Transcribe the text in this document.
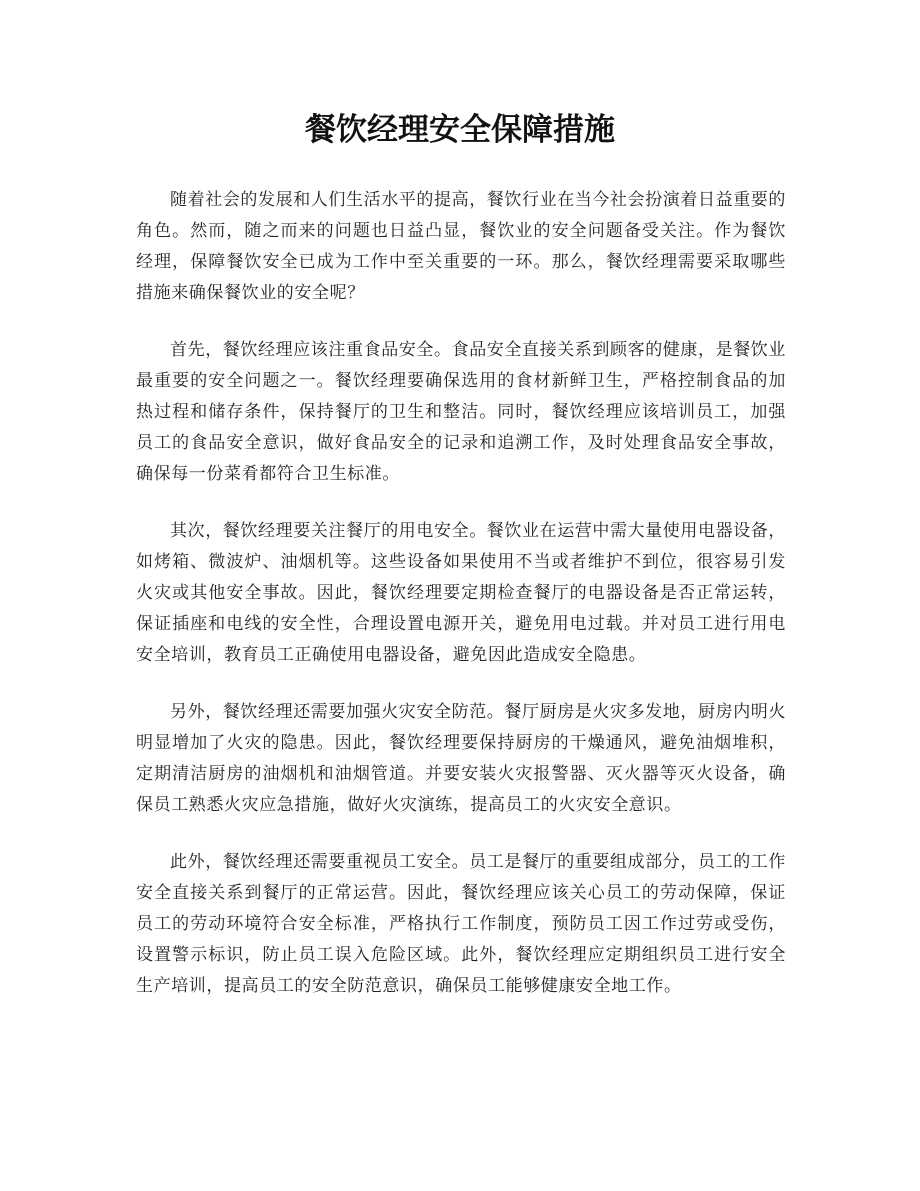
餐饮经理安全保障措施

随着社会的发展和人们生活水平的提高，餐饮行业在当今社会扮演着日益重要的角色。然而，随之而来的问题也日益凸显，餐饮业的安全问题备受关注。作为餐饮经理，保障餐饮安全已成为工作中至关重要的一环。那么，餐饮经理需要采取哪些措施来确保餐饮业的安全呢？

首先，餐饮经理应该注重食品安全。食品安全直接关系到顾客的健康，是餐饮业最重要的安全问题之一。餐饮经理要确保选用的食材新鲜卫生，严格控制食品的加热过程和储存条件，保持餐厅的卫生和整洁。同时，餐饮经理应该培训员工，加强员工的食品安全意识，做好食品安全的记录和追溯工作，及时处理食品安全事故，确保每一份菜肴都符合卫生标准。

其次，餐饮经理要关注餐厅的用电安全。餐饮业在运营中需大量使用电器设备，如烤箱、微波炉、油烟机等。这些设备如果使用不当或者维护不到位，很容易引发火灾或其他安全事故。因此，餐饮经理要定期检查餐厅的电器设备是否正常运转，保证插座和电线的安全性，合理设置电源开关，避免用电过载。并对员工进行用电安全培训，教育员工正确使用电器设备，避免因此造成安全隐患。

另外，餐饮经理还需要加强火灾安全防范。餐厅厨房是火灾多发地，厨房内明火明显增加了火灾的隐患。因此，餐饮经理要保持厨房的干燥通风，避免油烟堆积，定期清洁厨房的油烟机和油烟管道。并要安装火灾报警器、灭火器等灭火设备，确保员工熟悉火灾应急措施，做好火灾演练，提高员工的火灾安全意识。

此外，餐饮经理还需要重视员工安全。员工是餐厅的重要组成部分，员工的工作安全直接关系到餐厅的正常运营。因此，餐饮经理应该关心员工的劳动保障，保证员工的劳动环境符合安全标准，严格执行工作制度，预防员工因工作过劳或受伤，设置警示标识，防止员工误入危险区域。此外，餐饮经理应定期组织员工进行安全生产培训，提高员工的安全防范意识，确保员工能够健康安全地工作。
